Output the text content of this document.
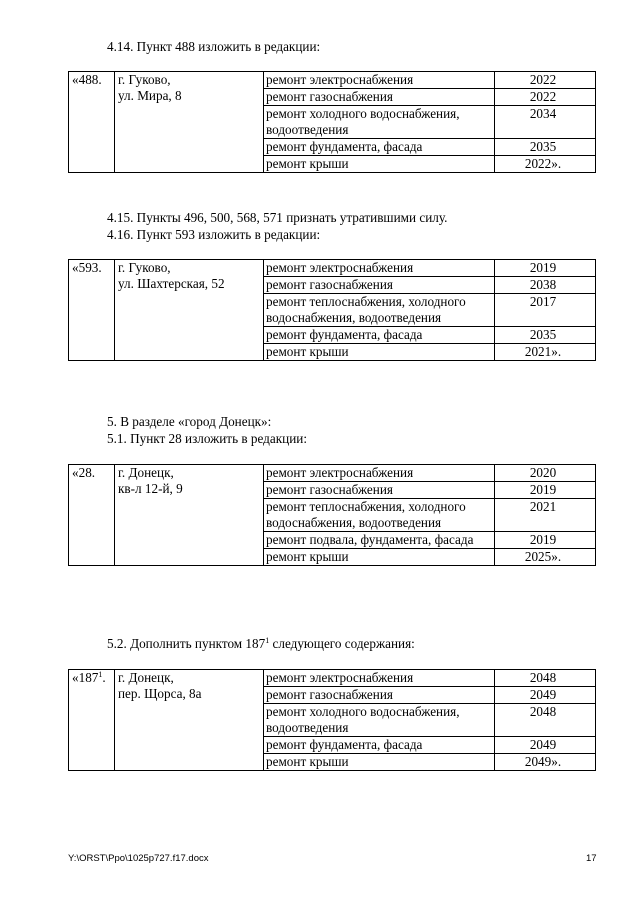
4.14. Пункт 488 изложить в редакции:

«488.	г. Гуково,
ул. Мира, 8	ремонт электроснабжения	2022
		ремонт газоснабжения	2022
		ремонт холодного водоснабжения, водоотведения	2034
		ремонт фундамента, фасада	2035
		ремонт крыши	2022».

4.15. Пункты 496, 500, 568, 571 признать утратившими силу.

4.16. Пункт 593 изложить в редакции:

«593.	г. Гуково,
ул. Шахтерская, 52	ремонт электроснабжения	2019
		ремонт газоснабжения	2038
		ремонт теплоснабжения, холодного водоснабжения, водоотведения	2017
		ремонт фундамента, фасада	2035
		ремонт крыши	2021».

5. В разделе «город Донецк»:

5.1. Пункт 28 изложить в редакции:

«28.	г. Донецк,
кв-л 12-й, 9	ремонт электроснабжения	2020
		ремонт газоснабжения	2019
		ремонт теплоснабжения, холодного водоснабжения, водоотведения	2021
		ремонт подвала, фундамента, фасада	2019
		ремонт крыши	2025».

5.2. Дополнить пунктом $187^1$ следующего содержания:

«$187^1$.	г. Донецк,
пер. Щорса, 8а	ремонт электроснабжения	2048
		ремонт газоснабжения	2049
		ремонт холодного водоснабжения, водоотведения	2048
		ремонт фундамента, фасада	2049
		ремонт крыши	2049».
Y:\ORST\Ppo\1025p727.f17.docx	17
